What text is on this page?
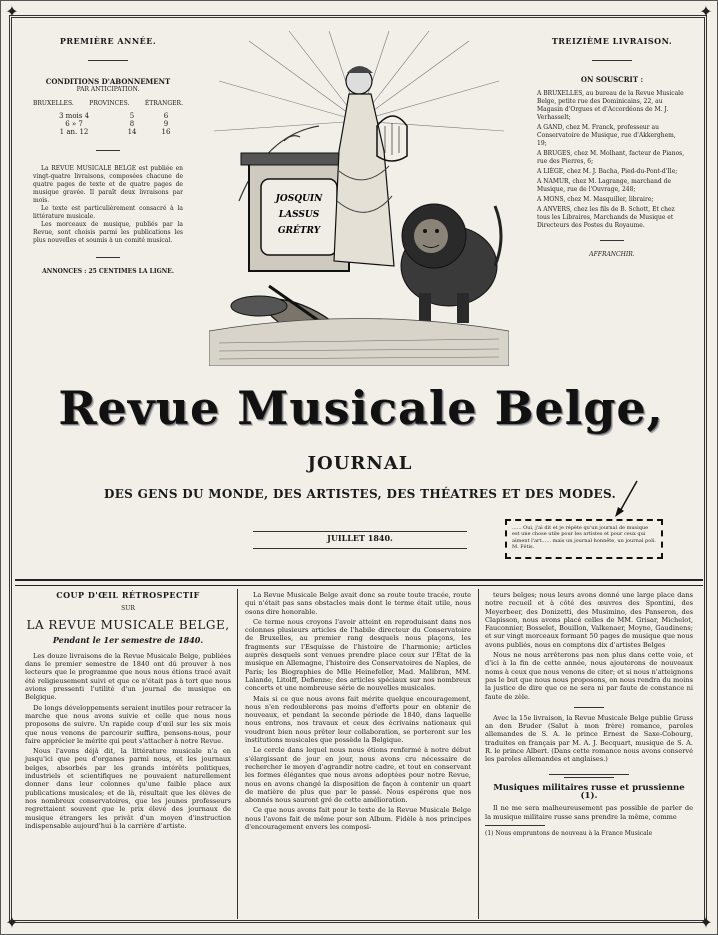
✦	✦
✦	✦
PREMIÈRE ANNÉE.
CONDITIONS D'ABONNEMENT
PAR ANTICIPATION.
BRUXELLES.	PROVINCES.	ÉTRANGER.
3 mois 4	5	6
6 » 7	8	9
1 an. 12	14	16
La REVUE MUSICALE BELGE est publiée en vingt-quatre livraisons, composées chacune de quatre pages de texte et de quatre pages de musique gravée. Il paraît deux livraisons par mois.
Le texte est particulièrement consacré à la littérature musicale.
Les morceaux de musique, publiés par la Revue, sont choisis parmi les publications les plus nouvelles et soumis à un comité musical.
ANNONCES : 25 CENTIMES LA LIGNE.
JOSQUIN
LASSUS
GRÉTRY
TREIZIÈME LIVRAISON.
ON SOUSCRIT :
A BRUXELLES, au bureau de la Revue Musicale Belge, petite rue des Dominicains, 22, au Magasin d'Orgues et d'Accordéons de M. J. Verhasselt;
A GAND, chez M. Franck, professeur au Conservatoire de Musique, rue d'Akkerghem, 19;
A BRUGES, chez M. Molhant, facteur de Pianos, rue des Pierres, 6;
A LIÈGE, chez M. J. Bacha, Pied-du-Pont-d'Ile;
A NAMUR, chez M. Lagrange, marchand de Musique, rue de l'Ouvrage, 248;
A MONS, chez M. Masquiller, libraire;
A ANVERS, chez les fils de B. Schott, Et chez tous les Libraires, Marchands de Musique et Directeurs des Postes du Royaume.
AFFRANCHIR.
Revue Musicale Belge,
JOURNAL
DES GENS DU MONDE, DES ARTISTES, DES THÉATRES ET DES MODES.
JUILLET 1840.
...... Oui, j'ai dit et je répète qu'un journal de musique est une chose utile pour les artistes et pour ceux qui aiment l'art...... mais un journal honnête, un journal poli. M. Fétis.
COUP D'ŒIL RÉTROSPECTIF
SUR
LA REVUE MUSICALE BELGE,
Pendant le 1er semestre de 1840.

Les douze livraisons de la Revue Musicale Belge, publiées dans le premier semestre de 1840 ont dû prouver à nos lecteurs que le programme que nous nous étions tracé avait été religieusement suivi et que ce n'était pas à tort que nous avions pressenti l'utilité d'un journal de musique en Belgique.

De longs développements seraient inutiles pour retracer la marche que nous avons suivie et celle que nous nous proposons de suivre. Un rapide coup d'œil sur les six mois que nous venons de parcourir suffira, pensons-nous, pour faire apprécier le mérite qui peut s'attacher à notre Revue.

Nous l'avons déjà dit, la littérature musicale n'a en jusqu'ici que peu d'organes parmi nous, et les journaux belges, absorbés par les grands intérêts politiques, industriels et scientifiques ne pouvaient naturellement donner dans leur colonnes qu'une faible place aux publications musicales; et de là, résultait que les élèves de nos nombreux conservatoires, que les jeunes professeurs regrettaient souvent que le prix élevé des journaux de musique étrangers les privât d'un moyen d'instruction indispensable aujourd'hui à la carrière d'artiste.

La Revue Musicale Belge avait donc sa route toute tracée, route qui n'était pas sans obstacles mais dont le terme était utile, nous osons dire honorable.

Ce terme nous croyons l'avoir atteint en reproduisant dans nos colonnes plusieurs articles de l'habile directeur du Conservatoire de Bruxelles, au premier rang desquels nous plaçons, les fragments sur l'Esquisse de l'histoire de l'harmonie; articles auprès desquels sont venues prendre place ceux sur l'État de la musique en Allemagne, l'histoire des Conservatoires de Naples, de Paris; les Biographies de Mlle Heinefeller, Mad. Malibran, MM. Lalande, Litolff, Defienne; des articles spéciaux sur nos nombreux concerts et une nombreuse série de nouvelles musicales.

Mais si ce que nous avons fait mérite quelque encouragement, nous n'en redoublerons pas moins d'efforts pour en obtenir de nouveaux, et pendant la seconde période de 1840, dans laquelle nous entrons, nos travaux et ceux des écrivains nationaux qui voudront bien nous prêter leur collaboration, se porteront sur les institutions musicales que possède la Belgique.

Le cercle dans lequel nous nous étions renfermé à notre début s'élargissant de jour en jour, nous avons cru nécessaire de rechercher le moyen d'agrandir notre cadre, et tout en conservant les formes élégantes que nous avons adoptées pour notre Revue, nous en avons changé la disposition de façon à contenir un quart de matière de plus que par le passé. Nous espérons que nos abonnés nous sauront gré de cette amélioration.

Ce que nous avons fait pour le texte de la Revue Musicale Belge nous l'avons fait de même pour son Album. Fidèle à nos principes d'encouragement envers les composi-

teurs belges; nous leurs avons donné une large place dans notre recueil et à côté des œuvres des Spontini, des Meyerbeer, des Donizetti, des Musimino, des Panseron, des Clapisson, nous avons placé celles de MM. Grisar, Michelot, Fauconnier, Bosselet, Bouillon, Valkenaer, Moyne, Gaudinens; et sur vingt morceaux formant 50 pages de musique que nous avons publiés, nous en comptons dix d'artistes Belges

Nous ne nous arrêterons pas non plus dans cette voie, et d'ici à la fin de cette année, nous ajouterons de nouveaux noms à ceux que nous venons de citer; et si nous n'atteignons pas le but que nous nous proposons, on nous rendra du moins la justice de dire que ce ne sera ni par faute de constance ni faute de zèle.

Avec la 15e livraison, la Revue Musicale Belge publie Gruss an den Bruder (Salut à mon frère) romance, paroles allemandes de S. A. le prince Ernest de Saxe-Cobourg, traduites en français par M. A. J. Becquart, musique de S. A. R. le prince Albert. (Dans cette romance nous avons conservé les paroles allemandes et anglaises.)

Musiques militaires russe et prussienne (1).

Il ne me sera malheureusement pas possible de parler de la musique militaire russe sans prendre la même, comme

(1) Nous empruntons de nouveau à la France Musicale
